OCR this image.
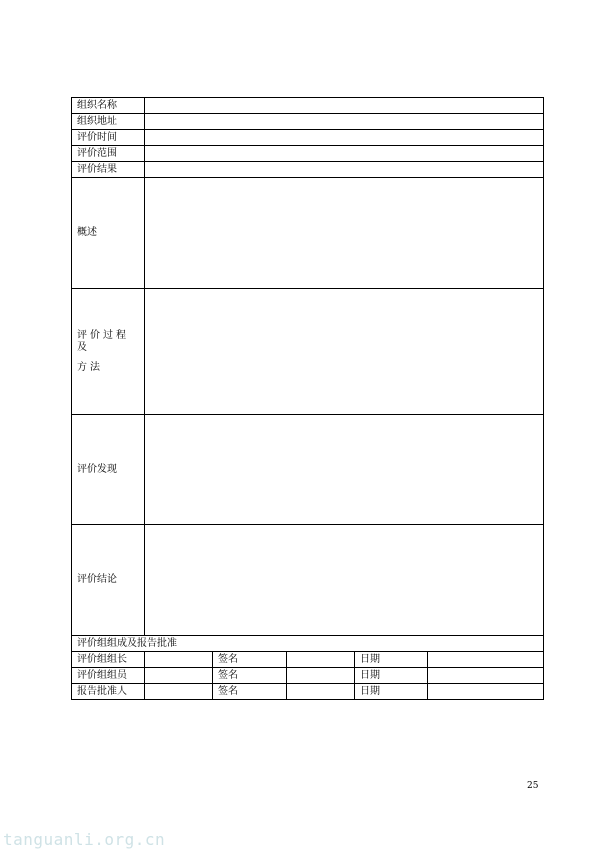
组织名称					
组织地址					
评价时间					
评价范围					
评价结果					
概述					

评价过程及
方法					

评价发现					
评价结论					
评价组组成及报告批准					
评价组组长		签名		日期	
评价组组员		签名		日期	
报告批准人		签名		日期	
25
tanguanli.org.cn
